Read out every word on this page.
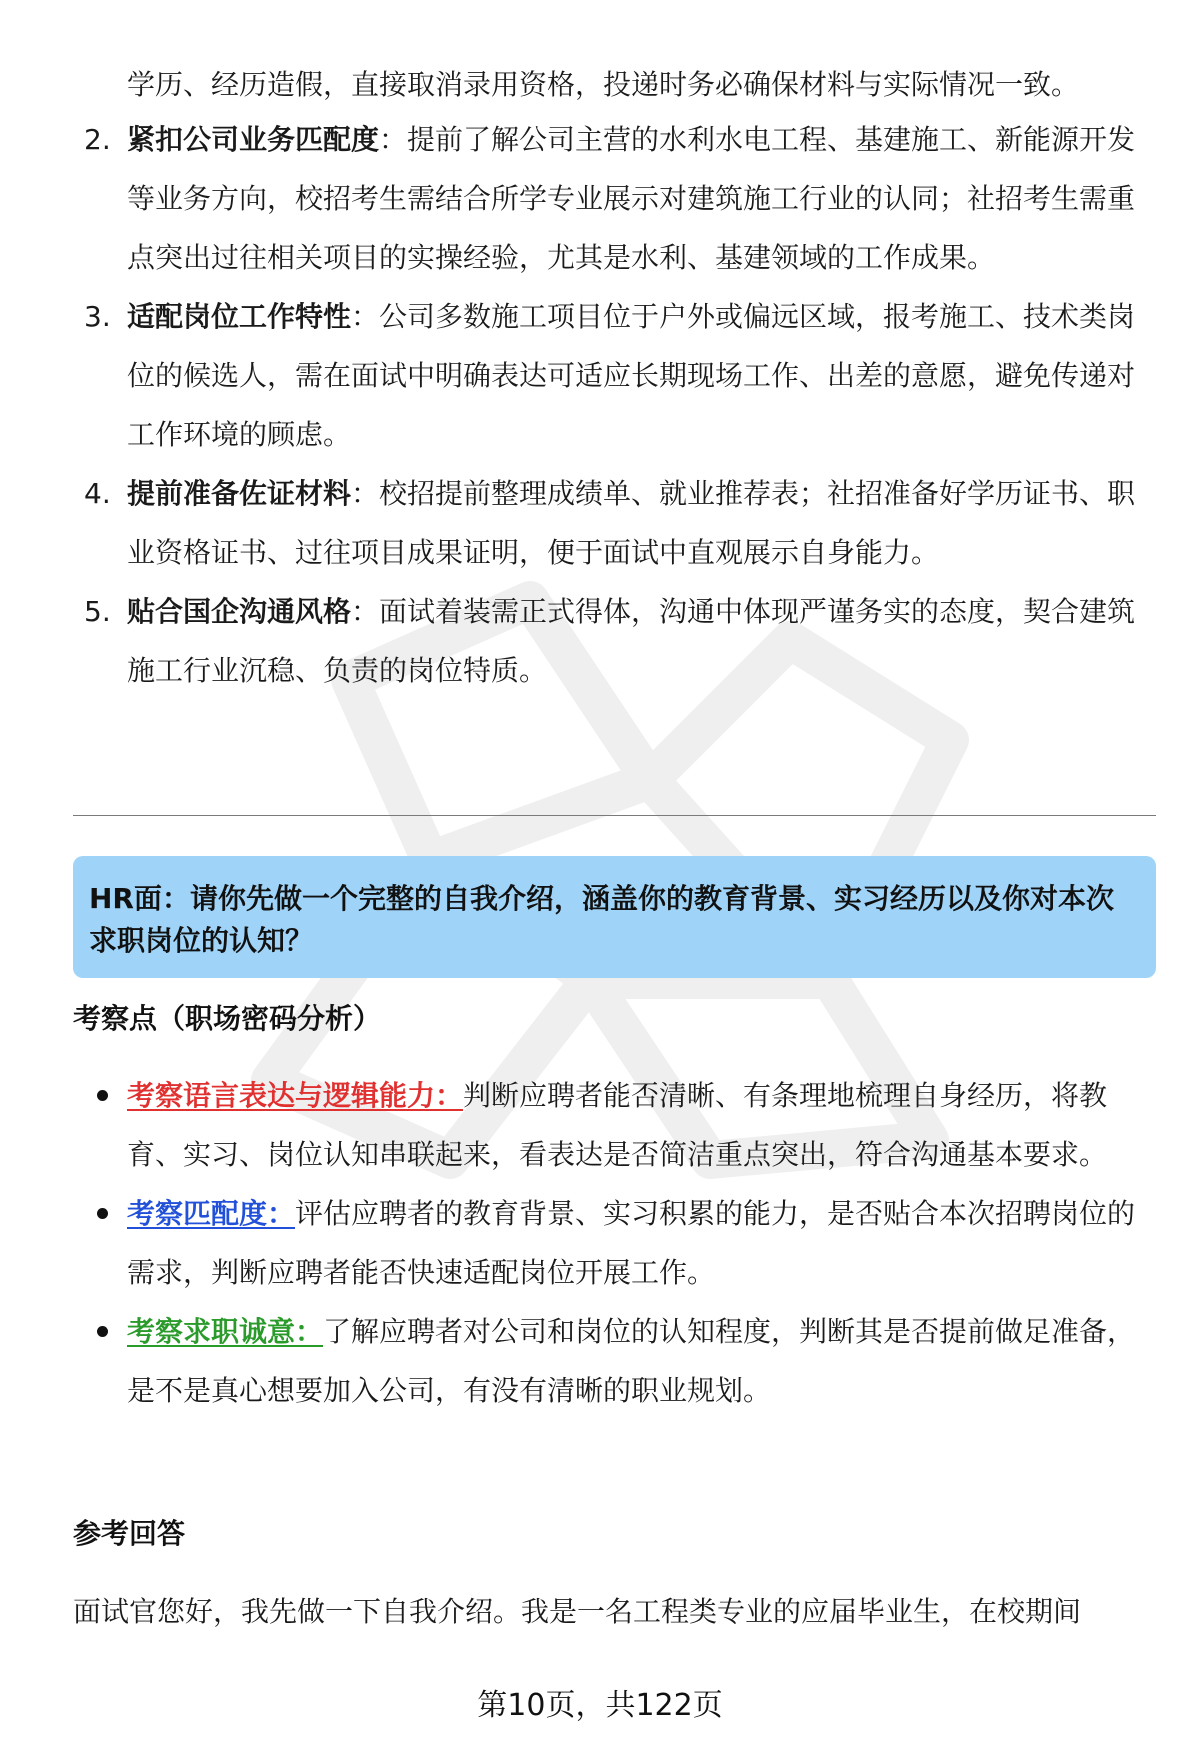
学历、经历造假，直接取消录用资格，投递时务必确保材料与实际情况一致。
2. 紧扣公司业务匹配度：提前了解公司主营的水利水电工程、基建施工、新能源开发等业务方向，校招考生需结合所学专业展示对建筑施工行业的认同；社招考生需重点突出过往相关项目的实操经验，尤其是水利、基建领域的工作成果。
3. 适配岗位工作特性：公司多数施工项目位于户外或偏远区域，报考施工、技术类岗位的候选人，需在面试中明确表达可适应长期现场工作、出差的意愿，避免传递对工作环境的顾虑。
4. 提前准备佐证材料：校招提前整理成绩单、就业推荐表；社招准备好学历证书、职业资格证书、过往项目成果证明，便于面试中直观展示自身能力。
5. 贴合国企沟通风格：面试着装需正式得体，沟通中体现严谨务实的态度，契合建筑施工行业沉稳、负责的岗位特质。
HR面：请你先做一个完整的自我介绍，涵盖你的教育背景、实习经历以及你对本次求职岗位的认知？
考察点（职场密码分析）
考察语言表达与逻辑能力：判断应聘者能否清晰、有条理地梳理自身经历，将教育、实习、岗位认知串联起来，看表达是否简洁重点突出，符合沟通基本要求。
考察匹配度：评估应聘者的教育背景、实习积累的能力，是否贴合本次招聘岗位的需求，判断应聘者能否快速适配岗位开展工作。
考察求职诚意：了解应聘者对公司和岗位的认知程度，判断其是否提前做足准备，是不是真心想要加入公司，有没有清晰的职业规划。
参考回答
面试官您好，我先做一下自我介绍。我是一名工程类专业的应届毕业生，在校期间
第10页，共122页
